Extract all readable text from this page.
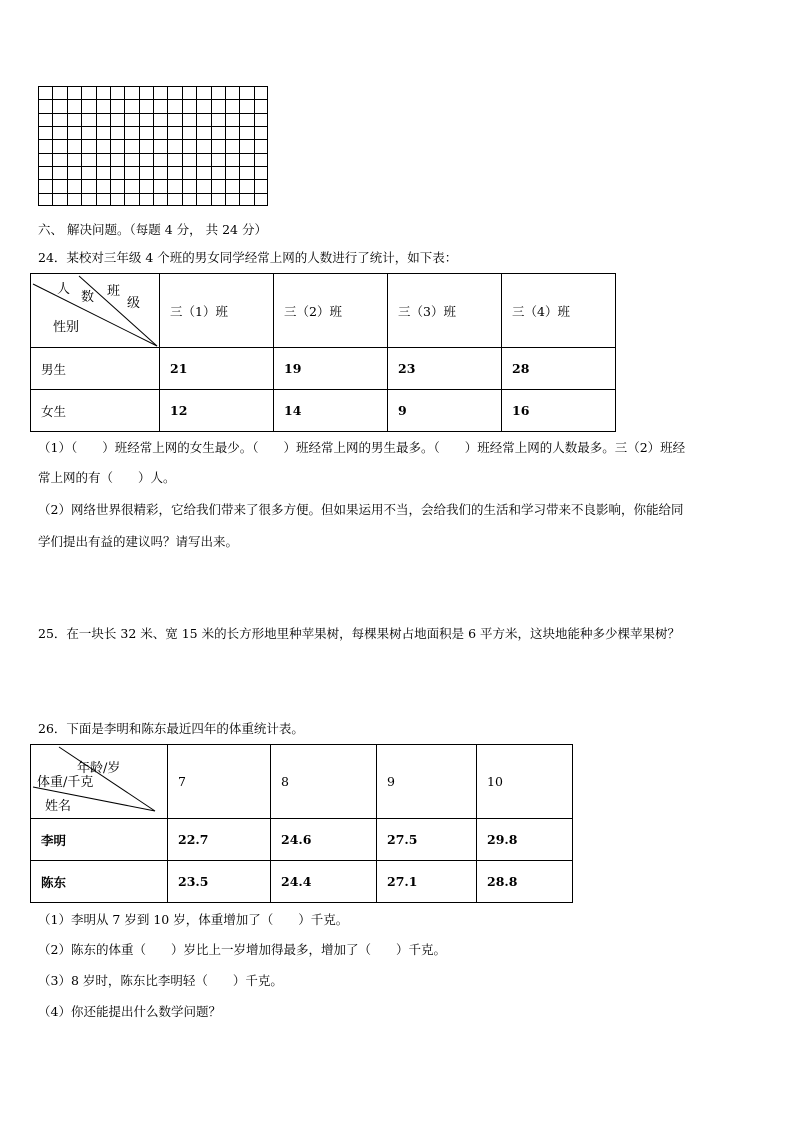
六、 解决问题。（每题 4 分， 共 24 分）
24．某校对三年级 4 个班的男女同学经常上网的人数进行了统计，如下表：
人
数 班
级
性别	三（1）班	三（2）班	三（3）班	三（4）班
男生	21	19	23	28
女生	12	14	9	16
（1）（　　）班经常上网的女生最少。（　　）班经常上网的男生最多。（　　）班经常上网的人数最多。三（2）班经
常上网的有（　　）人。
（2）网络世界很精彩，它给我们带来了很多方便。但如果运用不当，会给我们的生活和学习带来不良影响，你能给同
学们提出有益的建议吗？请写出来。
25．在一块长 32 米、宽 15 米的长方形地里种苹果树，每棵果树占地面积是 6 平方米，这块地能种多少棵苹果树？
26．下面是李明和陈东最近四年的体重统计表。
年龄/岁
体重/千克
姓名	7	8	9	10
李明	22.7	24.6	27.5	29.8
陈东	23.5	24.4	27.1	28.8
（1）李明从 7 岁到 10 岁，体重增加了（　　）千克。
（2）陈东的体重（　　）岁比上一岁增加得最多，增加了（　　）千克。
（3）8 岁时，陈东比李明轻（　　）千克。
（4）你还能提出什么数学问题？
